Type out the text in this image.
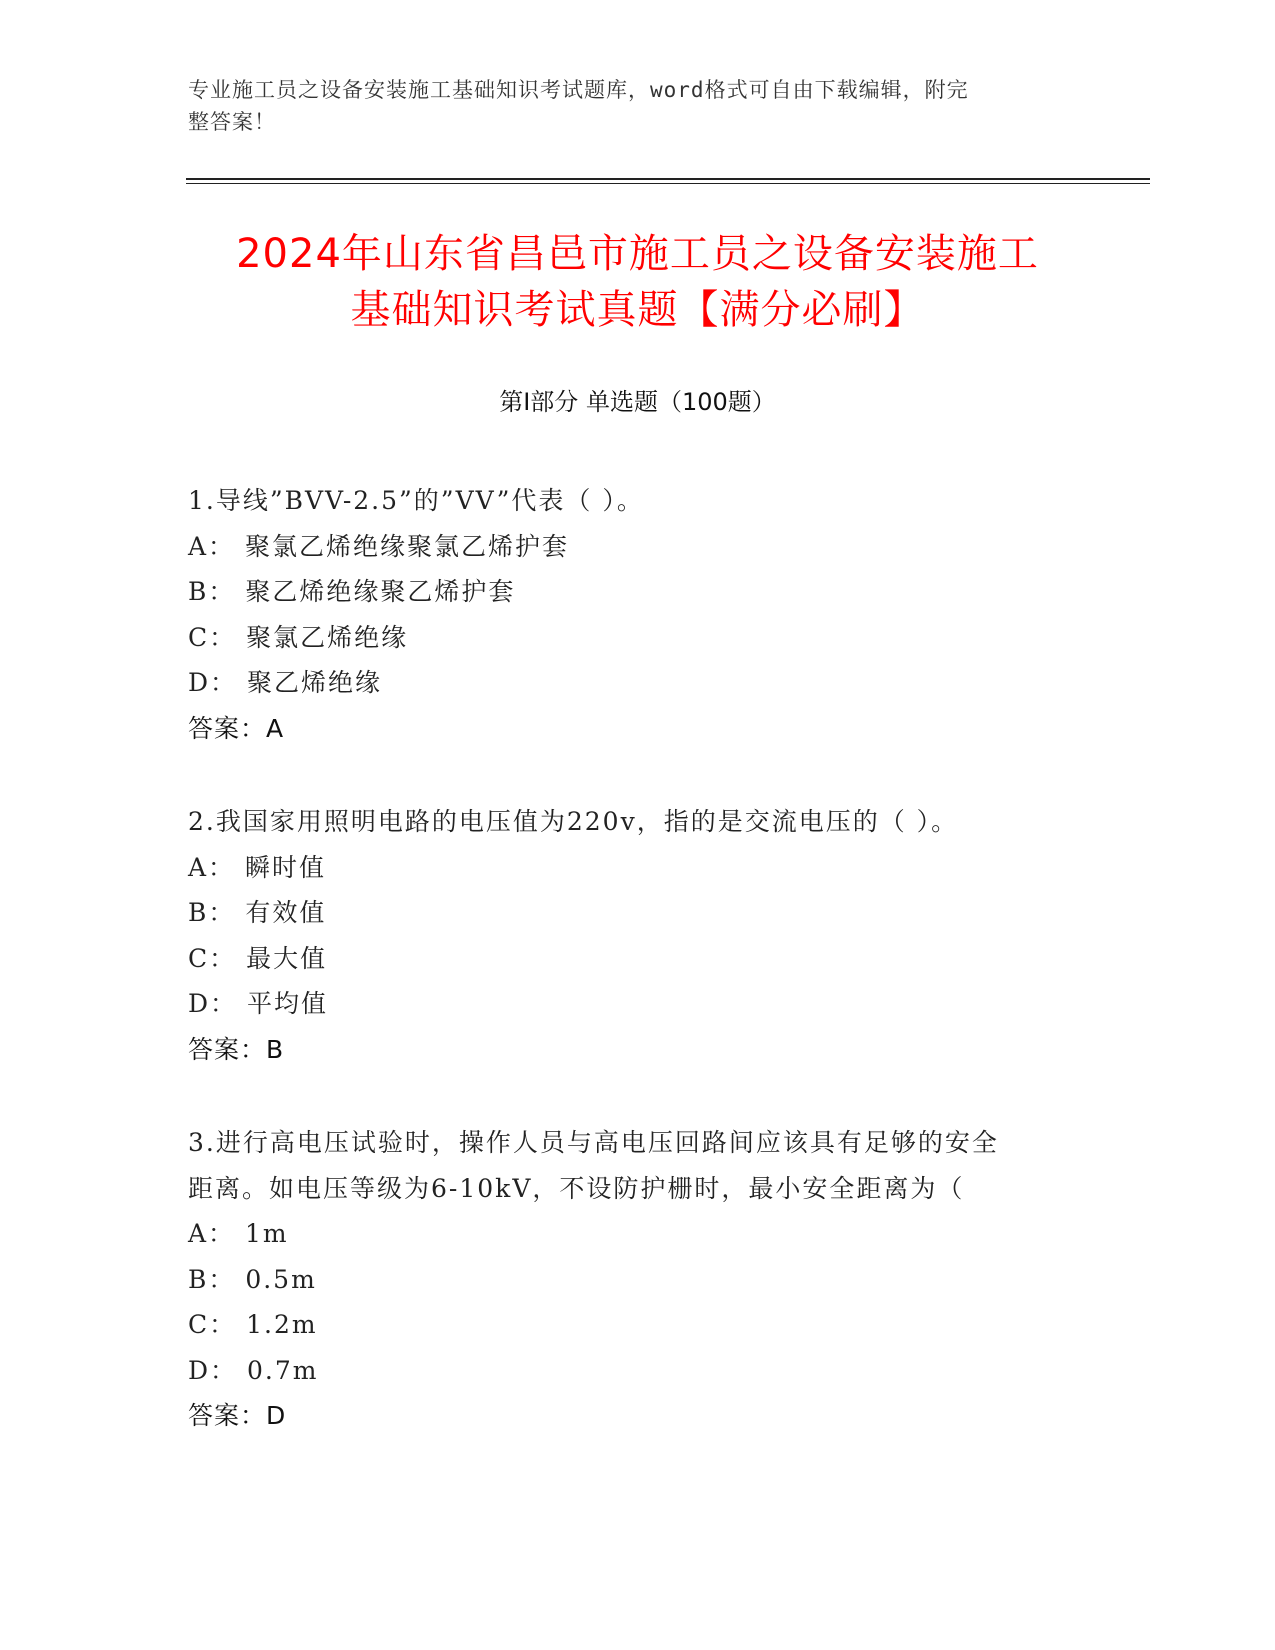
专业施工员之设备安装施工基础知识考试题库，word格式可自由下载编辑，附完
整答案！
2024年山东省昌邑市施工员之设备安装施工
基础知识考试真题【满分必刷】
第Ⅰ部分 单选题（100题）
1.导线”BVV-2.5”的”VV”代表（ ）。
A： 聚氯乙烯绝缘聚氯乙烯护套
B： 聚乙烯绝缘聚乙烯护套
C： 聚氯乙烯绝缘
D： 聚乙烯绝缘
答案：A
2.我国家用照明电路的电压值为220v，指的是交流电压的（ ）。
A： 瞬时值
B： 有效值
C： 最大值
D： 平均值
答案：B
3.进行高电压试验时，操作人员与高电压回路间应该具有足够的安全
距离。如电压等级为6-10kV，不设防护栅时，最小安全距离为（
A： 1m
B： 0.5m
C： 1.2m
D： 0.7m
答案：D
